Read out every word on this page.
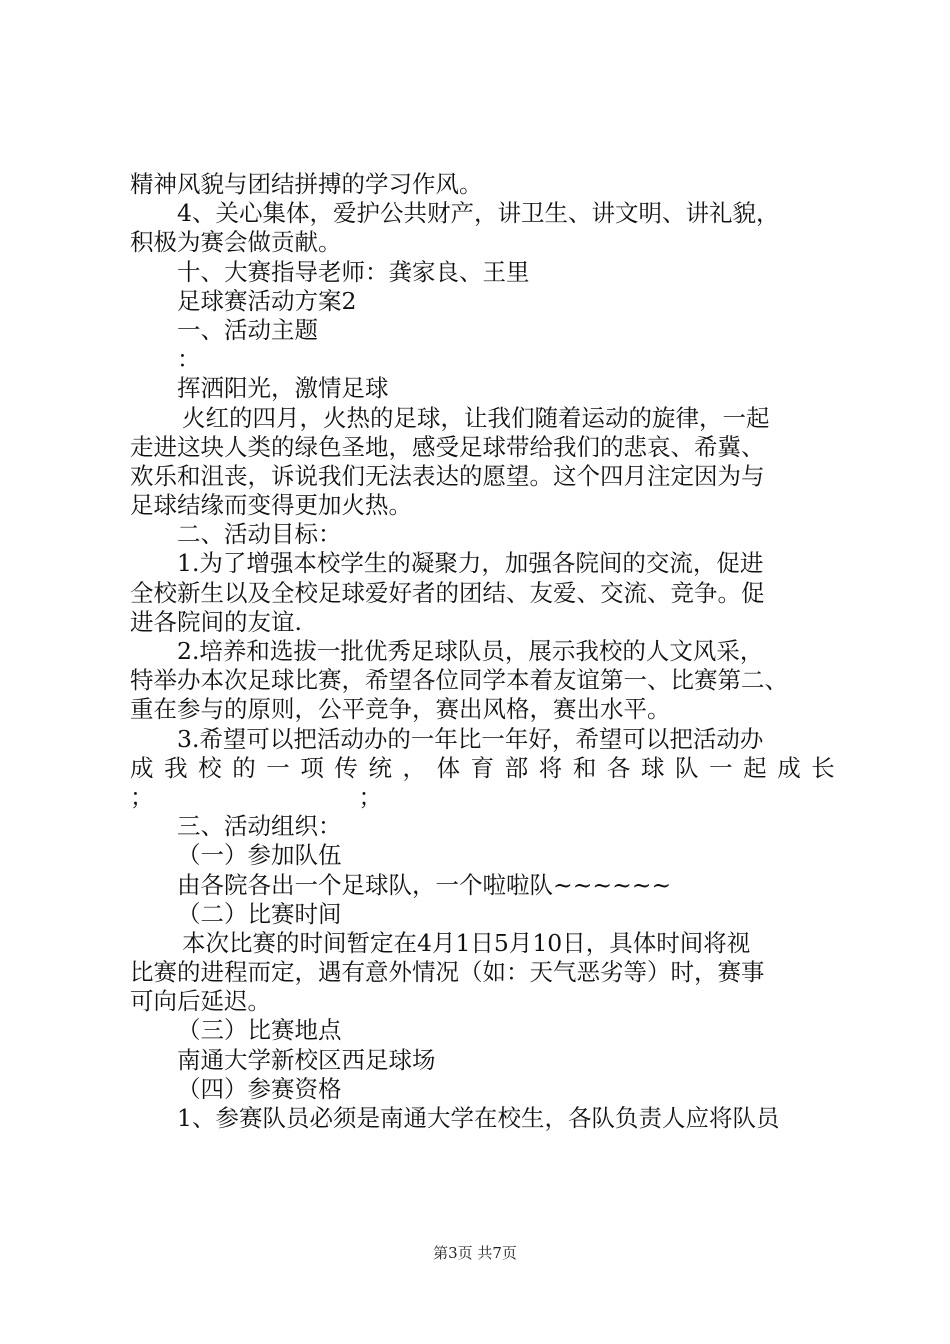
精神风貌与团结拼搏的学习作风。
4、关心集体，爱护公共财产，讲卫生、讲文明、讲礼貌，
积极为赛会做贡献。
十、大赛指导老师：龚家良、王里
足球赛活动方案2
一、活动主题
：
挥洒阳光，激情足球
火红的四月，火热的足球，让我们随着运动的旋律，一起
走进这块人类的绿色圣地，感受足球带给我们的悲哀、希冀、
欢乐和沮丧，诉说我们无法表达的愿望。这个四月注定因为与
足球结缘而变得更加火热。
二、活动目标：
1.为了增强本校学生的凝聚力，加强各院间的交流，促进
全校新生以及全校足球爱好者的团结、友爱、交流、竞争。促
进各院间的友谊.
2.培养和选拔一批优秀足球队员，展示我校的人文风采，
特举办本次足球比赛，希望各位同学本着友谊第一、比赛第二、
重在参与的原则，公平竞争，赛出风格，赛出水平。
3.希望可以把活动办的一年比一年好，希望可以把活动办
成 我 校 的 一 项 传 统 ， 体 育 部 将 和 各 球 队 一 起 成 长
；	；
三、活动组织：
（一）参加队伍
由各院各出一个足球队，一个啦啦队~~~~~~
（二）比赛时间
本次比赛的时间暂定在4月1日5月10日，具体时间将视
比赛的进程而定，遇有意外情况（如：天气恶劣等）时，赛事
可向后延迟。
（三）比赛地点
南通大学新校区西足球场
（四）参赛资格
1、参赛队员必须是南通大学在校生，各队负责人应将队员
第3页 共7页
